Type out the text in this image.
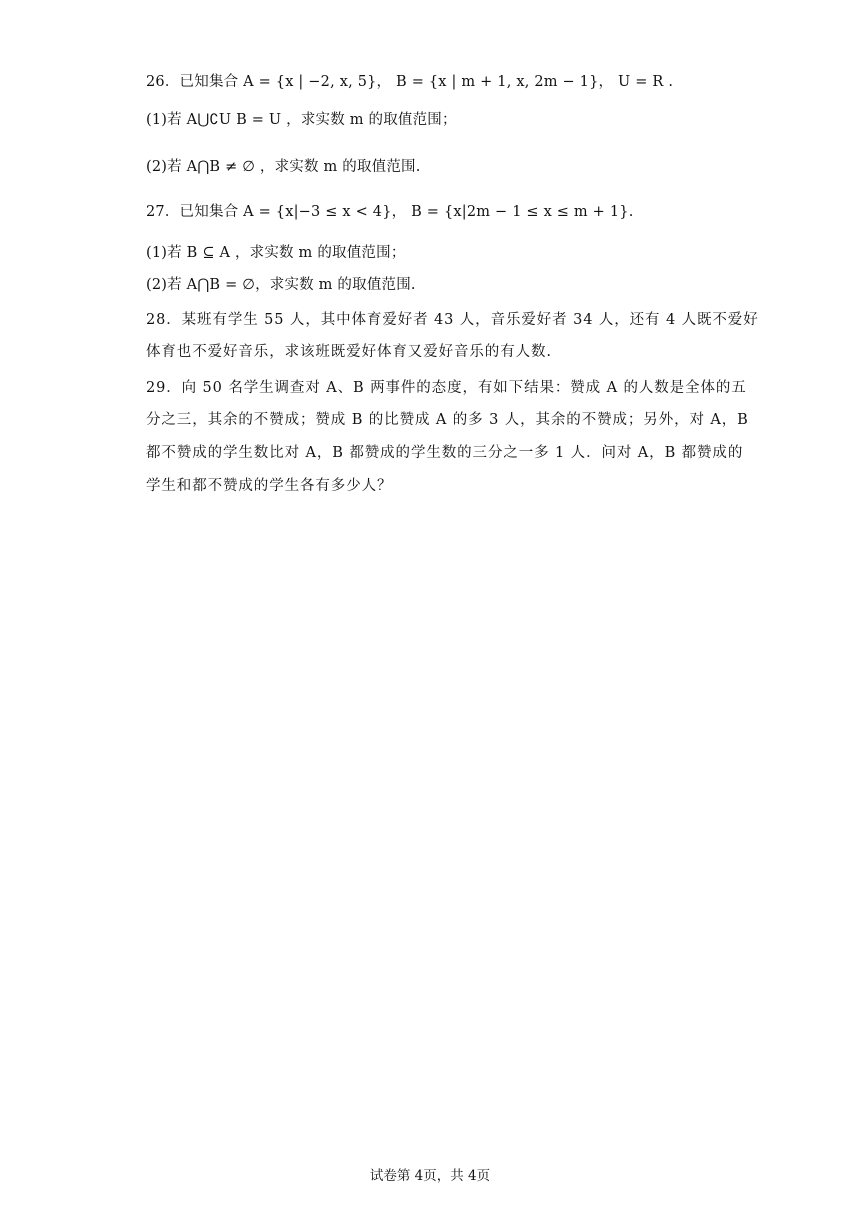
26．已知集合 A = {x | −2, x, 5}， B = {x | m + 1, x, 2m − 1}， U = R .
(1)若 A⋃∁U B = U ，求实数 m 的取值范围；
(2)若 A⋂B ≠ ∅ ，求实数 m 的取值范围.
27．已知集合 A = {x|−3 ≤ x < 4}， B = {x|2m − 1 ≤ x ≤ m + 1}.
(1)若 B ⊆ A ，求实数 m 的取值范围；
(2)若 A⋂B = ∅，求实数 m 的取值范围.
28．某班有学生 55 人，其中体育爱好者 43 人，音乐爱好者 34 人，还有 4 人既不爱好
体育也不爱好音乐，求该班既爱好体育又爱好音乐的有人数.
29．向 50 名学生调查对 A、B 两事件的态度，有如下结果：赞成 A 的人数是全体的五
分之三，其余的不赞成；赞成 B 的比赞成 A 的多 3 人，其余的不赞成；另外，对 A，B
都不赞成的学生数比对 A，B 都赞成的学生数的三分之一多 1 人．问对 A，B 都赞成的
学生和都不赞成的学生各有多少人？
试卷第 4页，共 4页
